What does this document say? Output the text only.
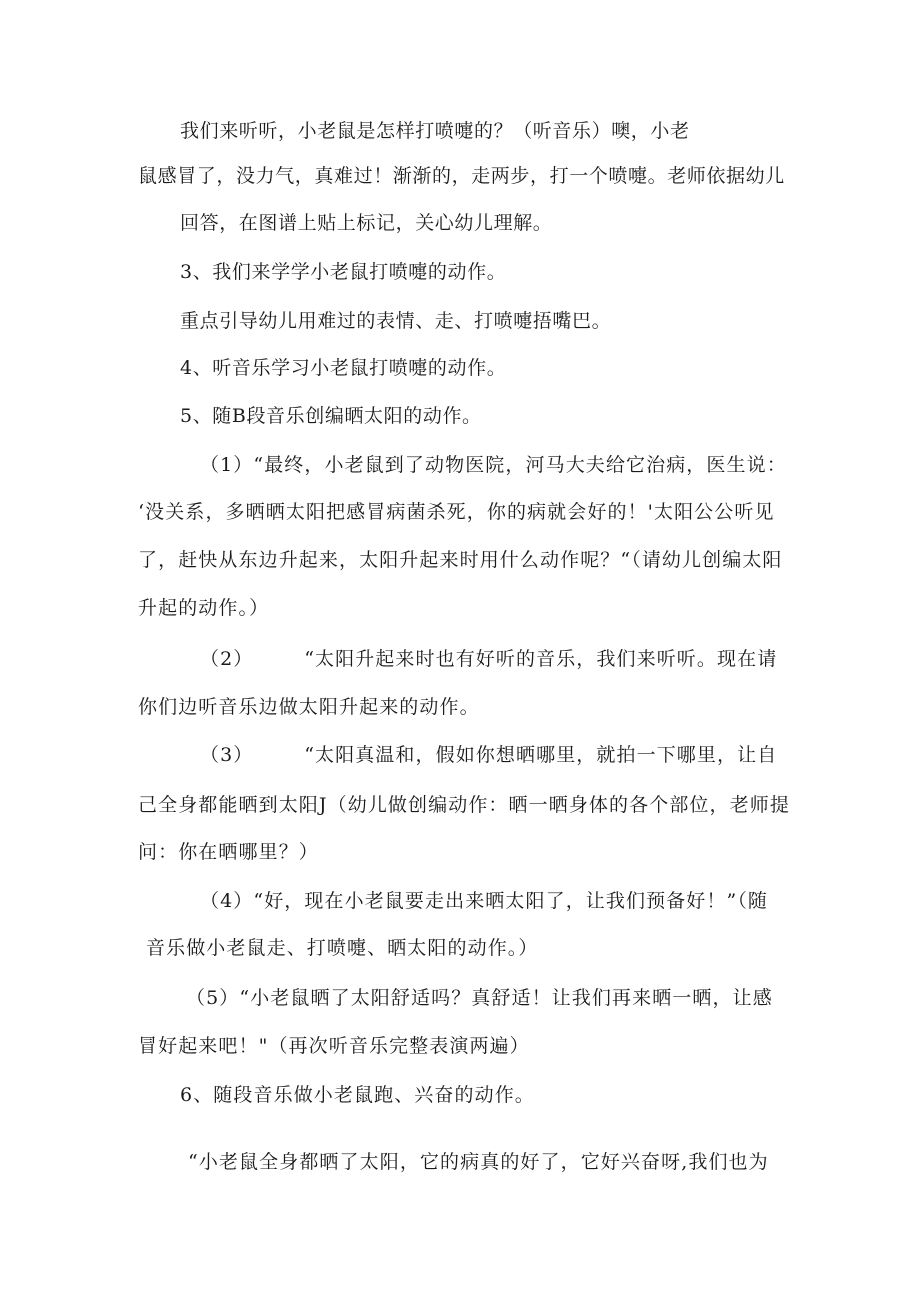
我们来听听，小老鼠是怎样打喷嚏的？（听音乐）噢，小老
鼠感冒了，没力气，真难过！渐渐的，走两步，打一个喷嚏。老师依据幼儿
回答，在图谱上贴上标记，关心幼儿理解。
3、我们来学学小老鼠打喷嚏的动作。
重点引导幼儿用难过的表情、走、打喷嚏捂嘴巴。
4、听音乐学习小老鼠打喷嚏的动作。
5、随B段音乐创编晒太阳的动作。
（1）“最终，小老鼠到了动物医院，河马大夫给它治病，医生说：
‘没关系，多晒晒太阳把感冒病菌杀死，你的病就会好的！'太阳公公听见
了，赶快从东边升起来，太阳升起来时用什么动作呢？“（请幼儿创编太阳
升起的动作。）
（2）　　　“太阳升起来时也有好听的音乐，我们来听听。现在请
你们边听音乐边做太阳升起来的动作。
（3）　　　“太阳真温和，假如你想晒哪里，就拍一下哪里，让自
己全身都能晒到太阳J（幼儿做创编动作：晒一晒身体的各个部位，老师提
问：你在晒哪里？）
（4）“好，现在小老鼠要走出来晒太阳了，让我们预备好！”（随
音乐做小老鼠走、打喷嚏、晒太阳的动作。）
（5）“小老鼠晒了太阳舒适吗？真舒适！让我们再来晒一晒，让感
冒好起来吧！"（再次听音乐完整表演两遍）
6、随段音乐做小老鼠跑、兴奋的动作。
“小老鼠全身都晒了太阳，它的病真的好了，它好兴奋呀,我们也为
